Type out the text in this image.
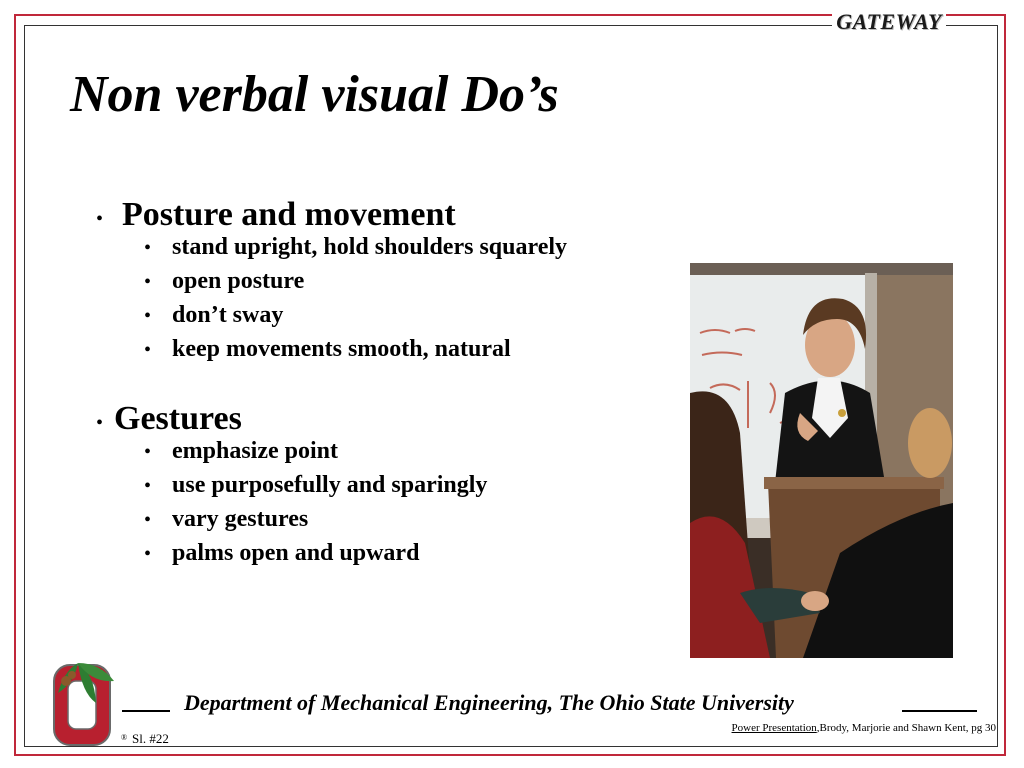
GATEWAY
Non verbal visual Do’s
• Posture and movement
• stand upright, hold shoulders squarely
• open posture
• don’t sway
• keep movements smooth, natural
• Gestures
• emphasize point
• use purposefully and sparingly
• vary gestures
• palms open and upward
®
Department of Mechanical Engineering, The Ohio State University
Power Presentation,Brody, Marjorie and Shawn Kent, pg 30
Sl. #22
